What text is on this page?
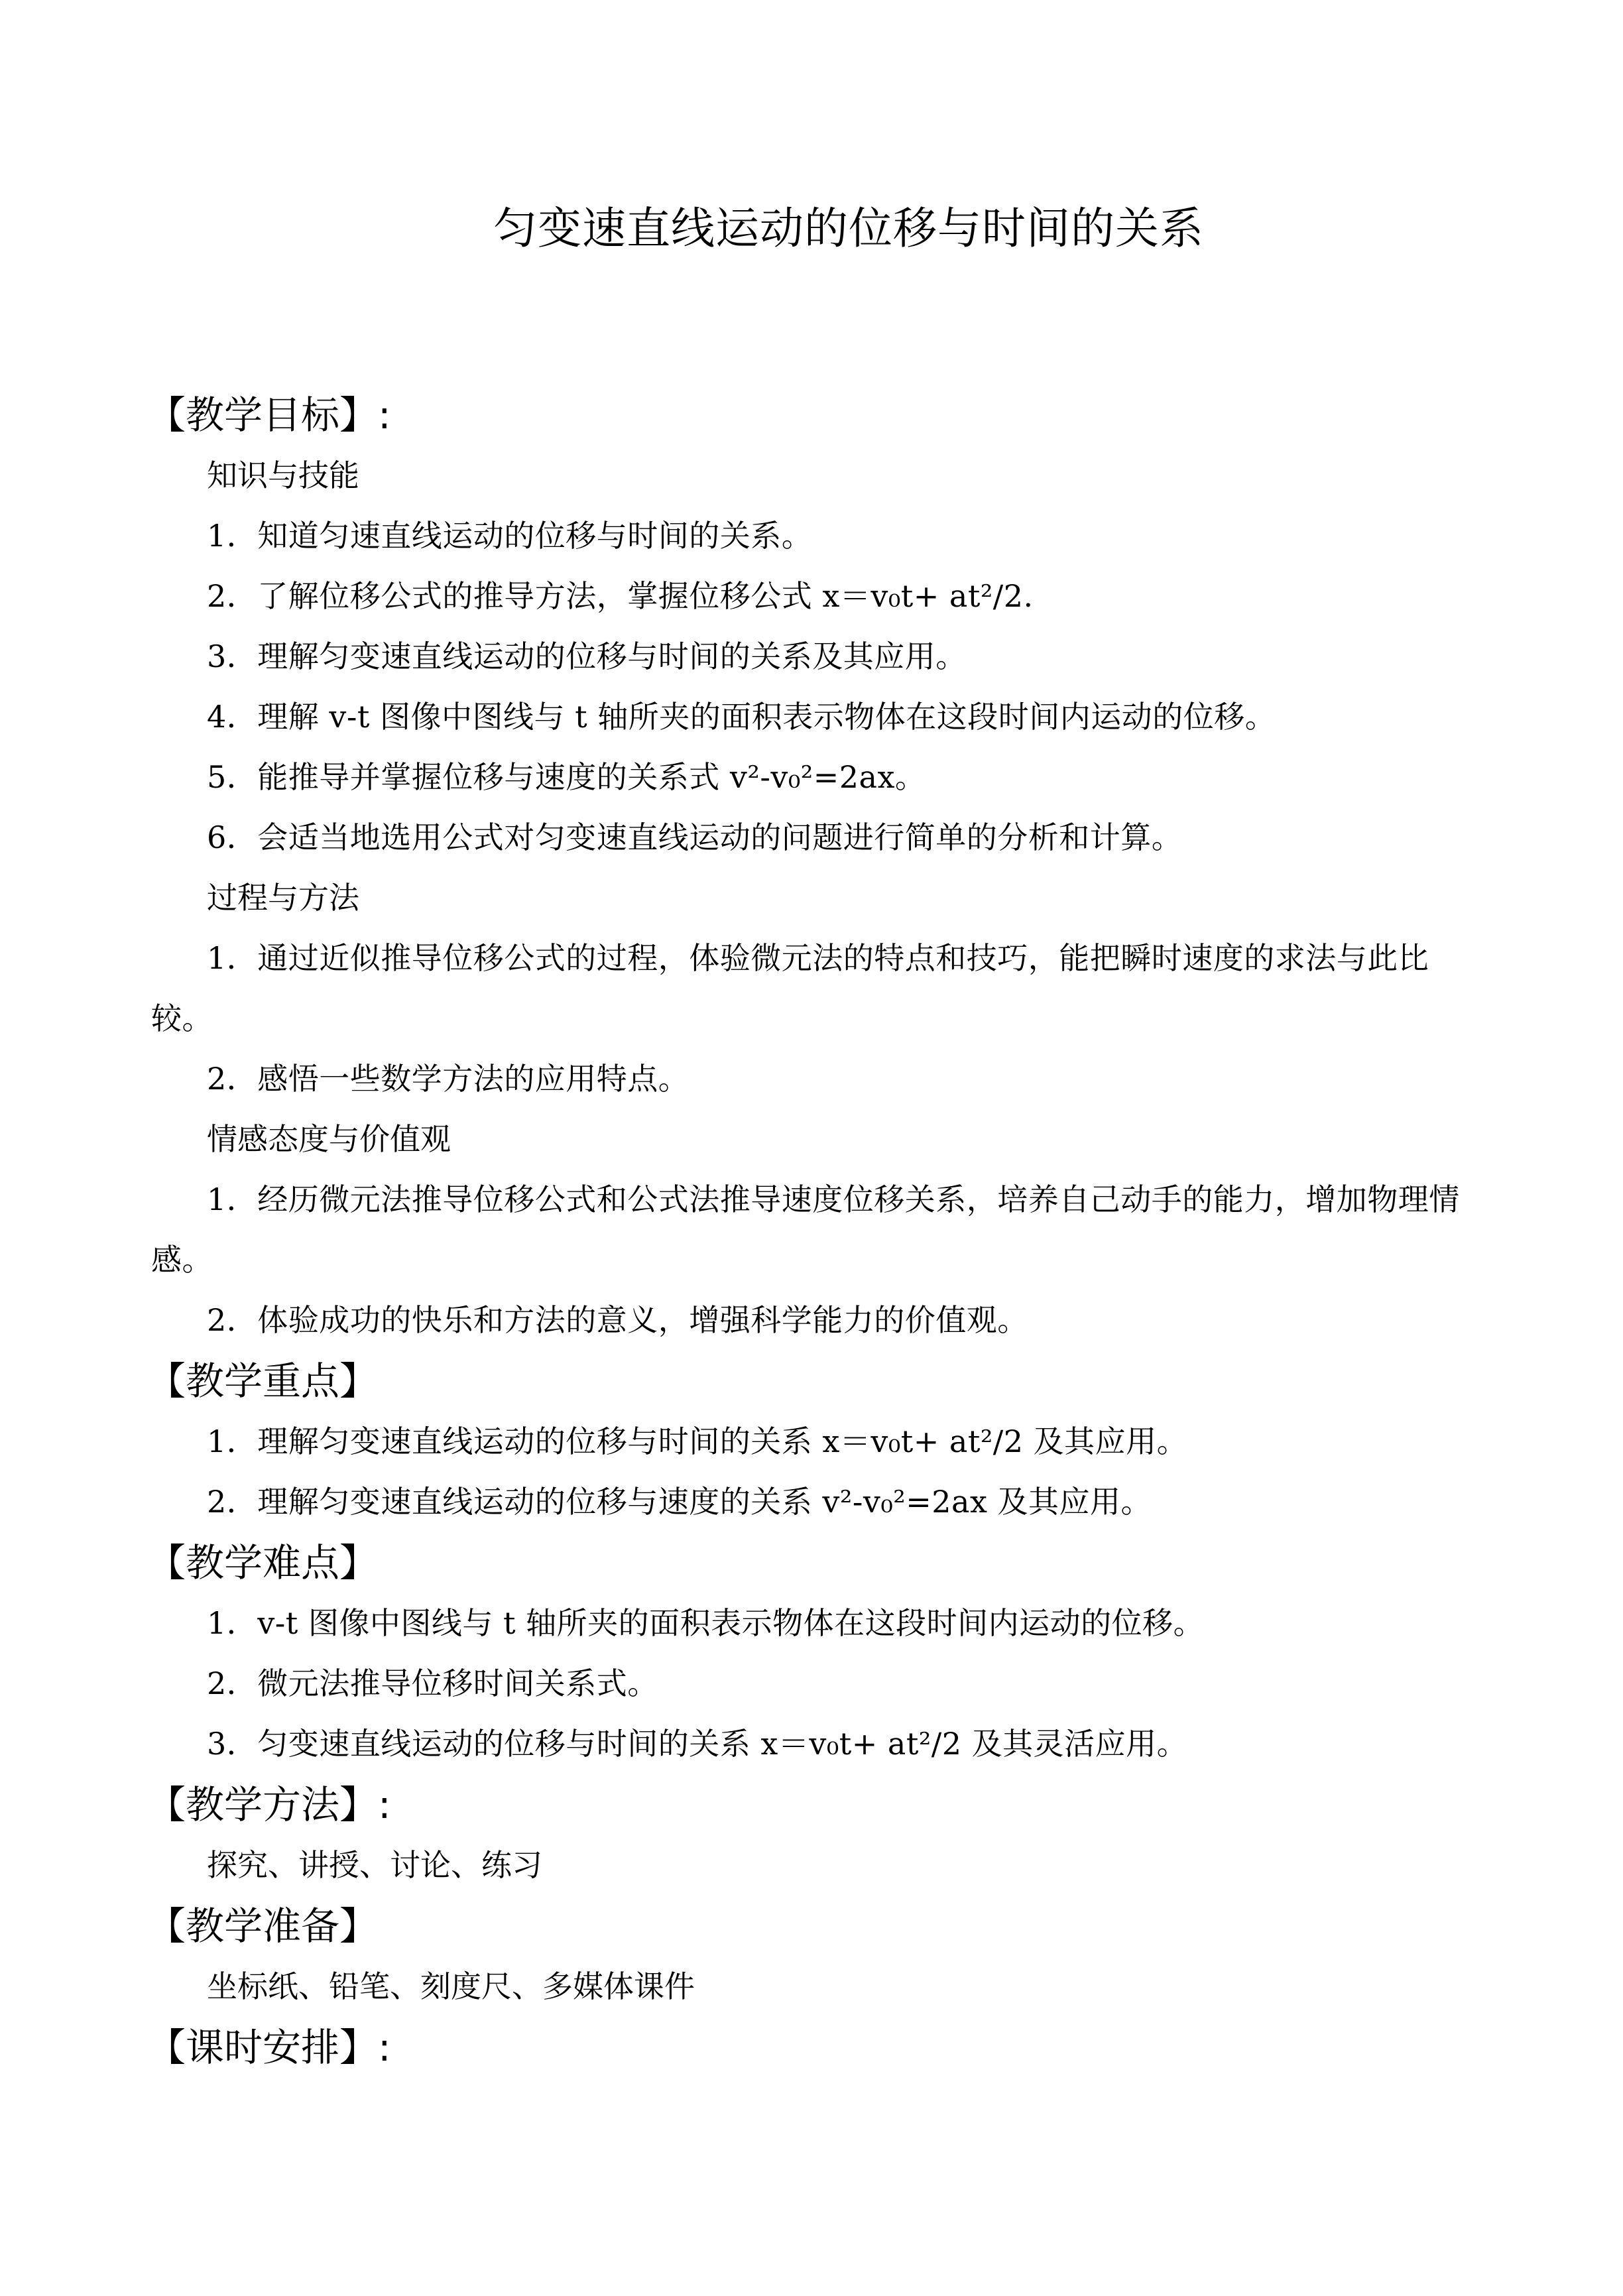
匀变速直线运动的位移与时间的关系
【教学目标】:
知识与技能
1．知道匀速直线运动的位移与时间的关系。
2．了解位移公式的推导方法，掌握位移公式 x＝v₀t+ at²/2.
3．理解匀变速直线运动的位移与时间的关系及其应用。
4．理解 v-t 图像中图线与 t 轴所夹的面积表示物体在这段时间内运动的位移。
5．能推导并掌握位移与速度的关系式 v²-v₀²=2ax。
6．会适当地选用公式对匀变速直线运动的问题进行简单的分析和计算。
过程与方法
1．通过近似推导位移公式的过程，体验微元法的特点和技巧，能把瞬时速度的求法与此比较。
2．感悟一些数学方法的应用特点。
情感态度与价值观
1．经历微元法推导位移公式和公式法推导速度位移关系，培养自己动手的能力，增加物理情感。
2．体验成功的快乐和方法的意义，增强科学能力的价值观。
【教学重点】
1．理解匀变速直线运动的位移与时间的关系 x＝v₀t+ at²/2 及其应用。
2．理解匀变速直线运动的位移与速度的关系 v²-v₀²=2ax 及其应用。
【教学难点】
1．v-t 图像中图线与 t 轴所夹的面积表示物体在这段时间内运动的位移。
2．微元法推导位移时间关系式。
3．匀变速直线运动的位移与时间的关系 x＝v₀t+ at²/2 及其灵活应用。
【教学方法】:
探究、讲授、讨论、练习
【教学准备】
坐标纸、铅笔、刻度尺、多媒体课件
【课时安排】:
